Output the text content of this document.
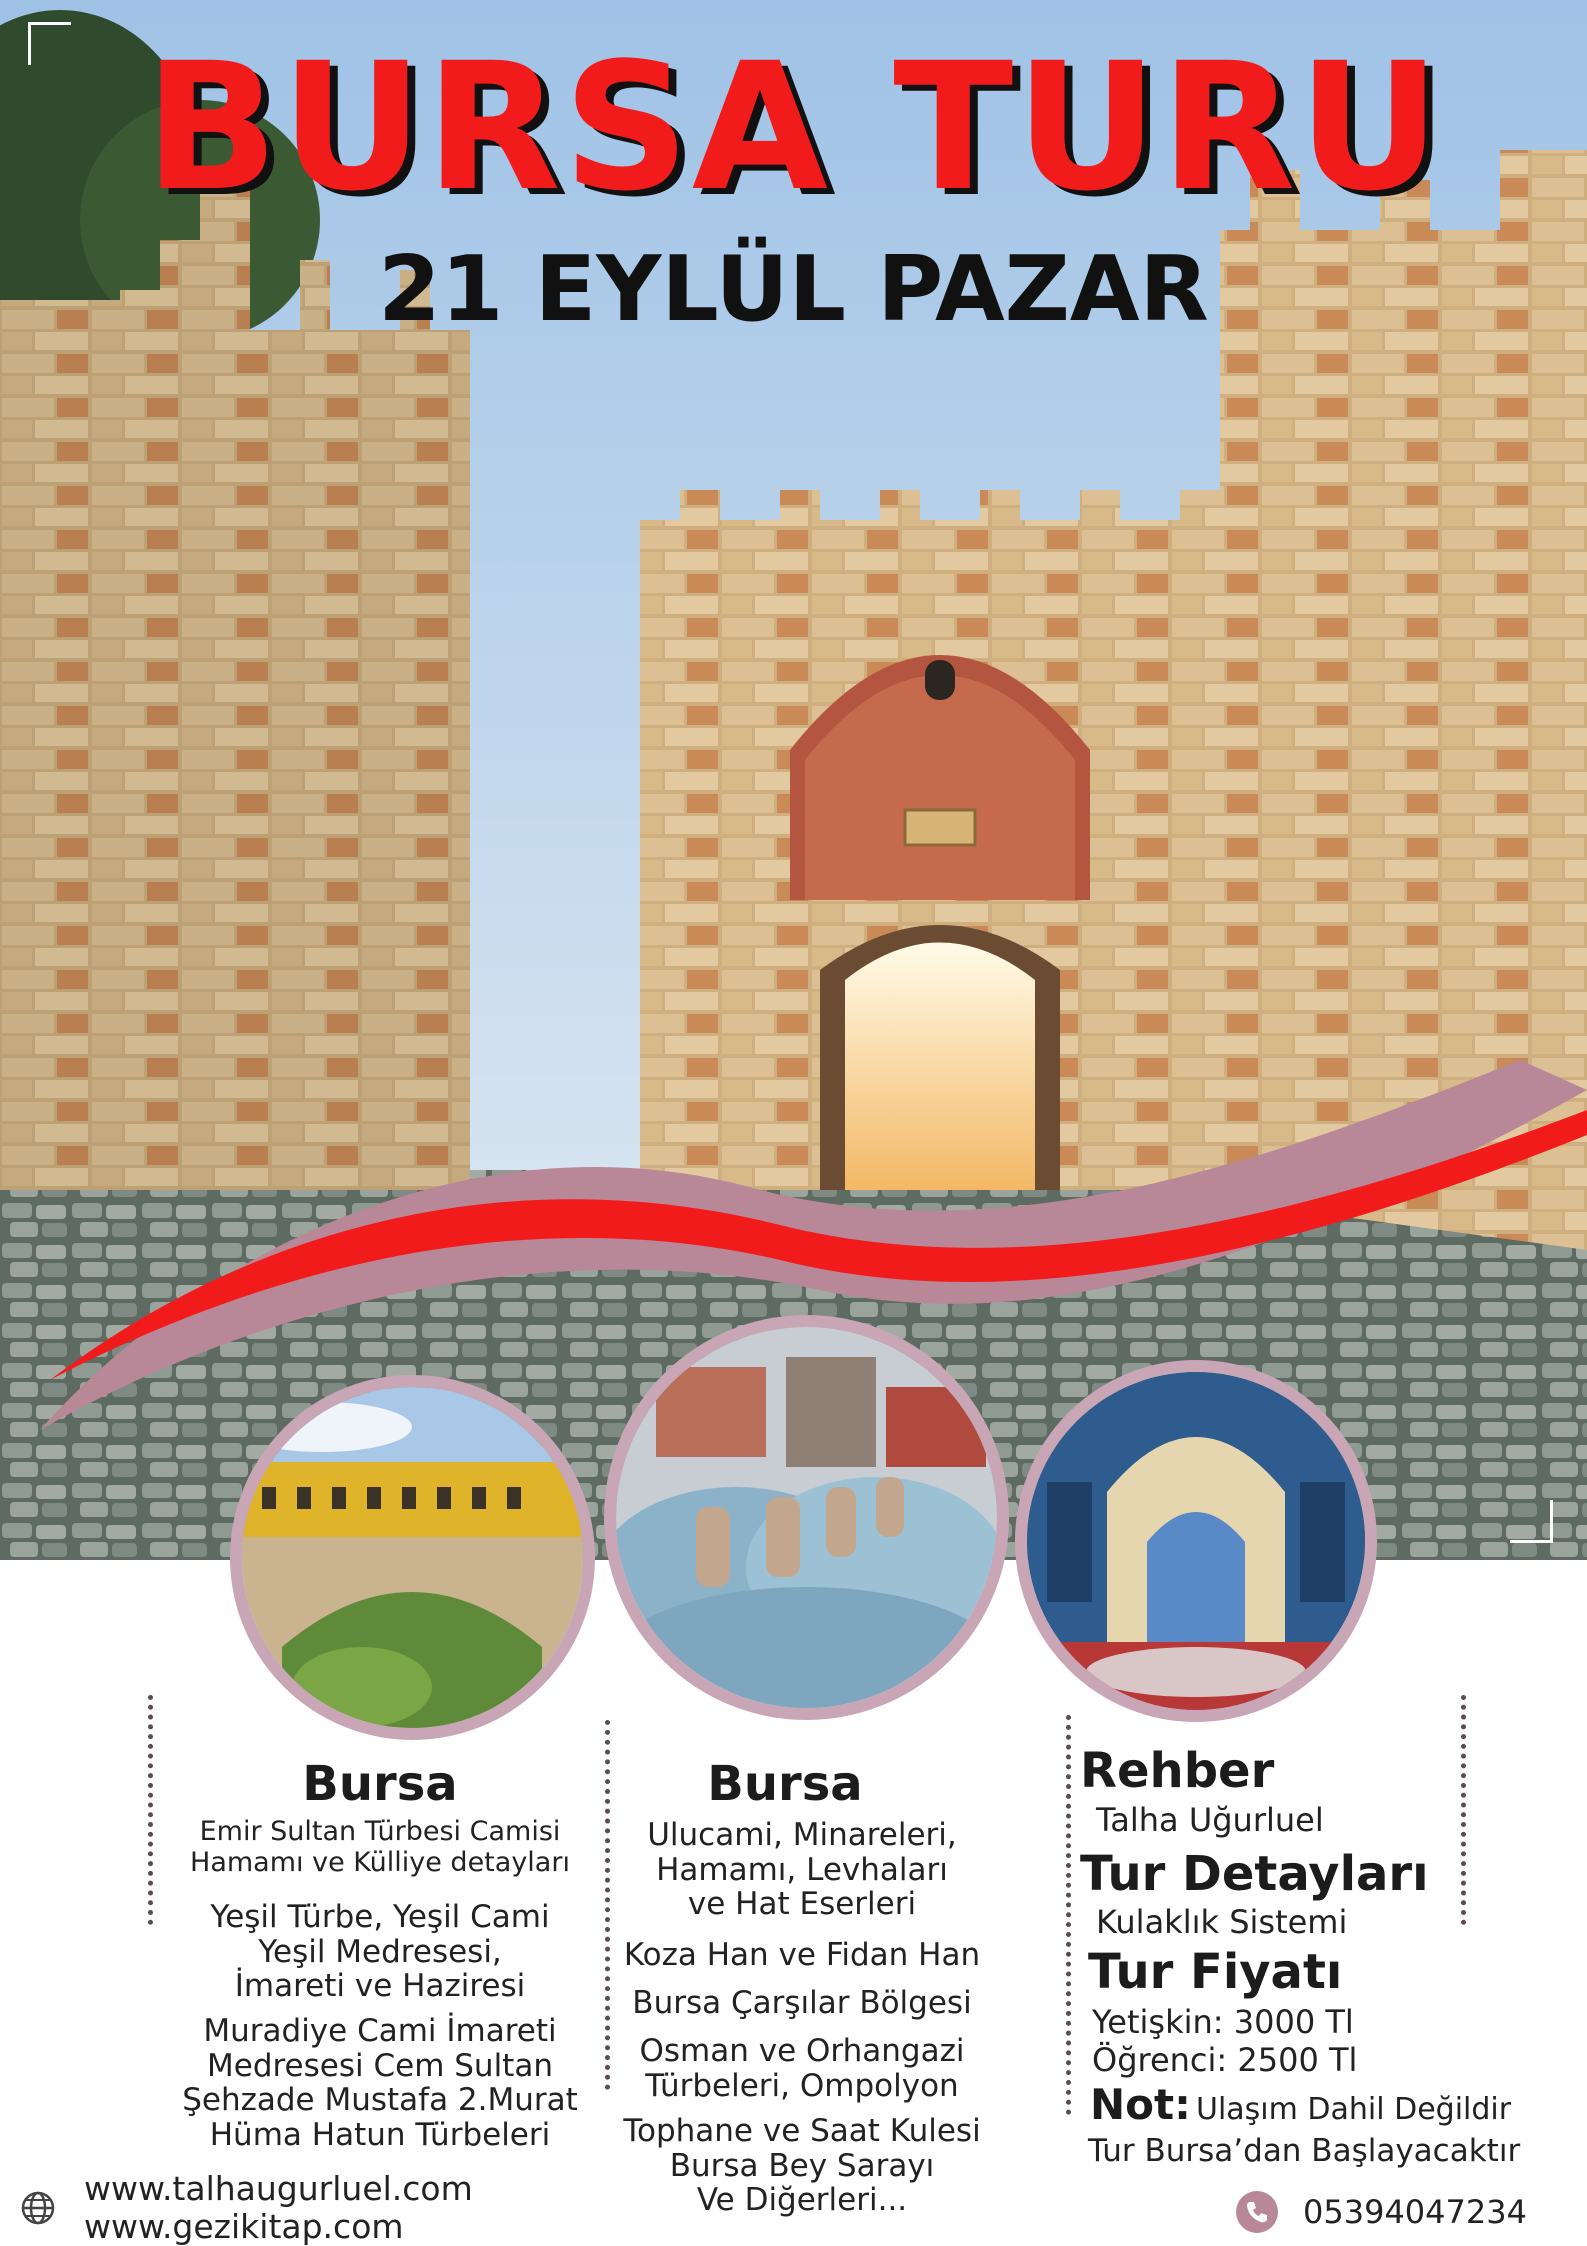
BURSA TURU
21 EYLÜL PAZAR
Bursa
Emir Sultan Türbesi Camisi
Hamamı ve Külliye detayları
Yeşil Türbe, Yeşil Cami
Yeşil Medresesi,
İmareti ve Haziresi
Muradiye Cami İmareti
Medresesi Cem Sultan
Şehzade Mustafa 2.Murat
Hüma Hatun Türbeleri
Bursa
Ulucami, Minareleri,
Hamamı, Levhaları
ve Hat Eserleri
Koza Han ve Fidan Han
Bursa Çarşılar Bölgesi
Osman ve Orhangazi
Türbeleri, Ompolyon
Tophane ve Saat Kulesi
Bursa Bey Sarayı
Ve Diğerleri...
Rehber
Talha Uğurluel
Tur Detayları
Kulaklık Sistemi
Tur Fiyatı
Yetişkin: 3000 Tl
Öğrenci: 2500 Tl
Not: Ulaşım Dahil Değildir
Tur Bursa’dan Başlayacaktır
www.talhaugurluel.com
www.gezikitap.com	05394047234
